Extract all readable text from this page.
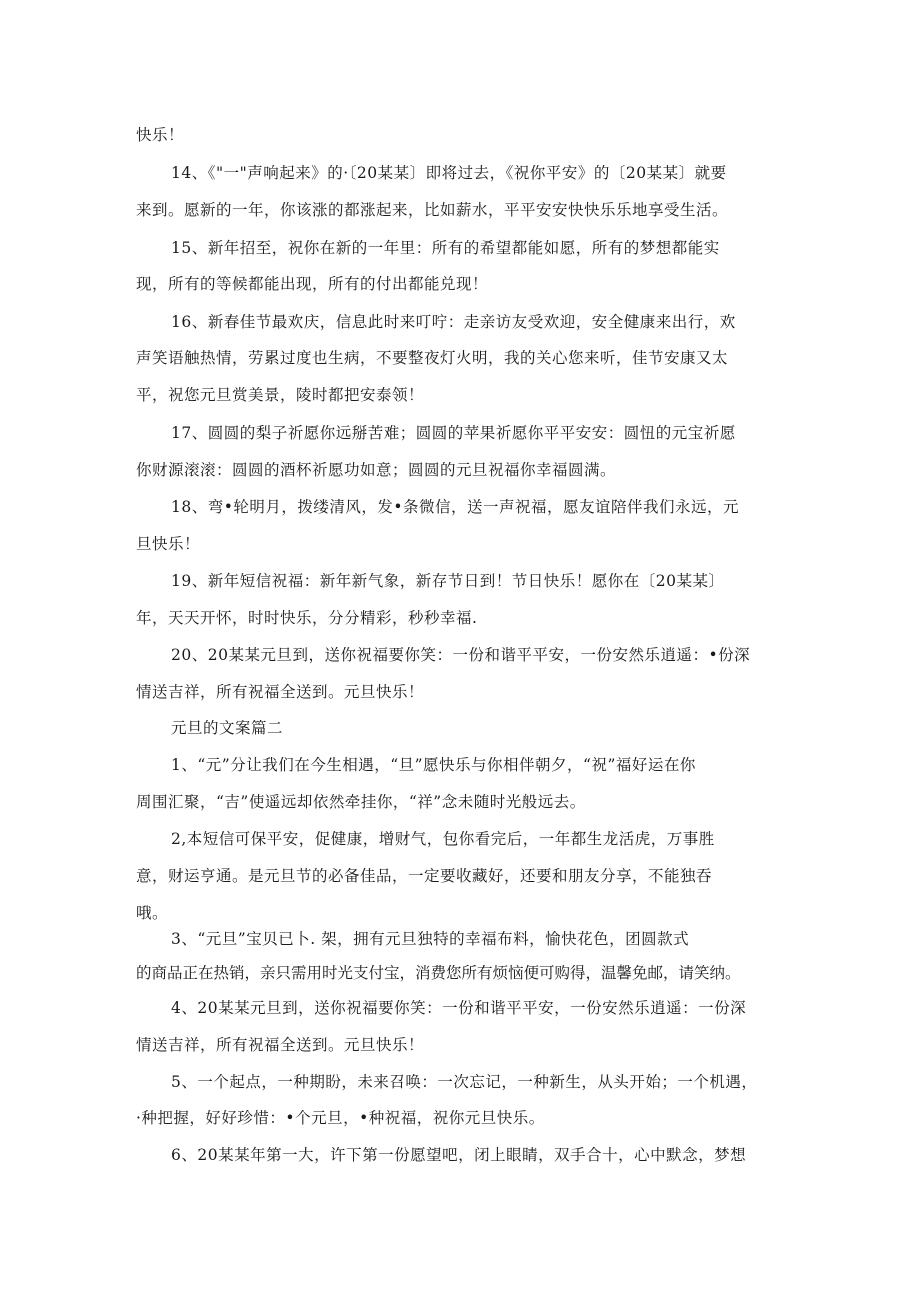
快乐！
14、《"一"声响起来》的·〔20某某〕即将过去，《祝你平安》的〔20某某〕就要
来到。愿新的一年，你该涨的都涨起来，比如薪水，平平安安快快乐乐地享受生活。
15、新年招至，祝你在新的一年里：所有的希望都能如愿，所有的梦想都能实
现，所有的等候都能出现，所有的付出都能兑现！
16、新春佳节最欢庆，信息此时来叮咛：走亲访友受欢迎，安全健康来出行，欢
声笑语触热情，劳累过度也生病，不要整夜灯火明，我的关心您来听，佳节安康又太
平，祝您元旦赏美景，陵时都把安泰领！
17、圆圆的梨子祈愿你远掰苦难；圆圆的苹果祈愿你平平安安：圆忸的元宝祈愿
你财源滚滚：圆圆的酒杯祈愿功如意；圆圆的元旦祝福你幸福圆满。
18、弯•轮明月，拨缕清风，发•条微信，送一声祝福，愿友谊陪伴我们永远，元
旦快乐！
19、新年短信祝福：新年新气象，新存节日到！节日快乐！愿你在〔20某某〕
年，天天开怀，时时快乐，分分精彩，秒秒幸福.
20、20某某元旦到，送你祝福要你笑：一份和谐平平安，一份安然乐逍遥：•份深
情送吉祥，所有祝福全送到。元旦快乐！
元旦的文案篇二
1、“元”分让我们在今生相遇，“旦”愿快乐与你相伴朝夕，“祝”福好运在你
周围汇聚，“吉”使遥远却依然牵挂你，“祥”念未随时光般远去。
2,本短信可保平安，促健康，增财气，包你看完后，一年都生龙活虎，万事胜
意，财运亨通。是元旦节的必备佳品，一定要收藏好，还要和朋友分享，不能独吞
哦。
3、“元旦”宝贝已卜. 架，拥有元旦独特的幸福布料，愉快花色，团圆款式
的商品正在热销，亲只需用时光支付宝，消费您所有烦恼便可购得，温馨免邮，请笑纳。
4、20某某元旦到，送你祝福要你笑：一份和谐平平安，一份安然乐逍遥：一份深
情送吉祥，所有祝福全送到。元旦快乐！
5、一个起点，一种期盼，未来召唤：一次忘记，一种新生，从头开始；一个机遇，
·种把握，好好珍惜：•个元旦，•种祝福，祝你元旦快乐。
6、20某某年第一大，许下第一份愿望吧，闭上眼睛，双手合十，心中默念，梦想
